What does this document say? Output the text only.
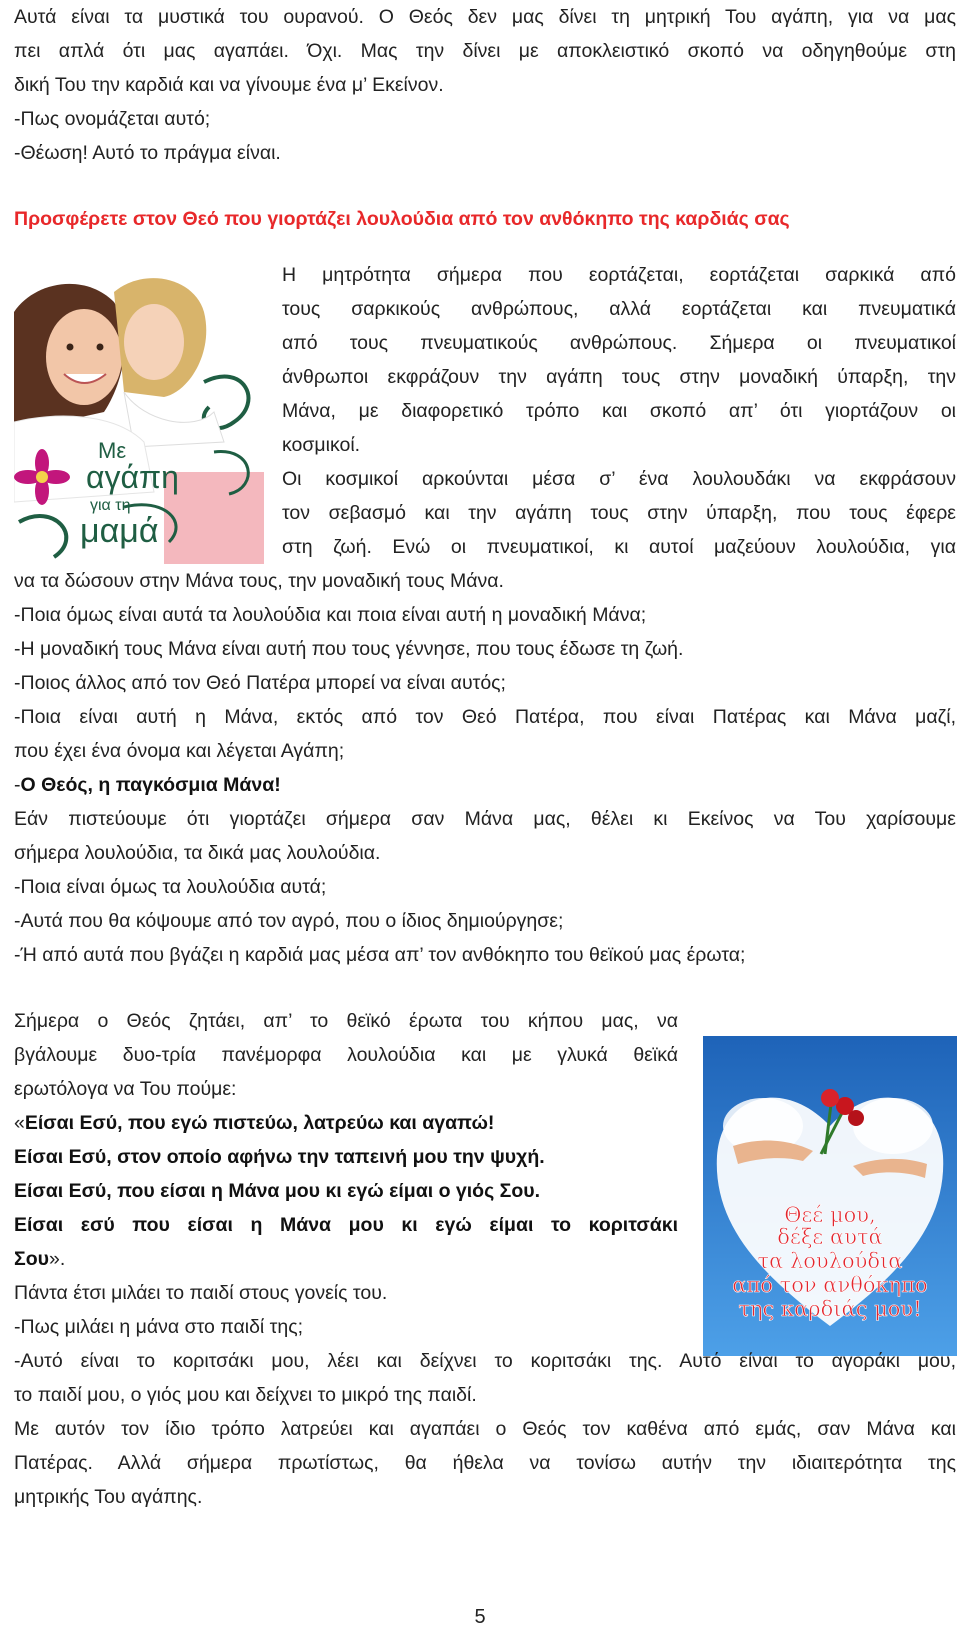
Αυτά είναι τα μυστικά του ουρανού. Ο Θεός δεν μας δίνει τη μητρική Του αγάπη, για να μας
πει απλά ότι μας αγαπάει. Όχι. Μας την δίνει με αποκλειστικό σκοπό να οδηγηθούμε στη
δική Του την καρδιά και να γίνουμε ένα μ’ Εκείνον.
-Πως ονομάζεται αυτό;
-Θέωση! Αυτό το πράγμα είναι.
Προσφέρετε στον Θεό που γιορτάζει λουλούδια από τον ανθόκηπο της καρδιάς σας
Με
αγάπη
για τη
μαμά
Η μητρότητα σήμερα που εορτάζεται, εορτάζεται σαρκικά από
τους σαρκικούς ανθρώπους, αλλά εορτάζεται και πνευματικά
από τους πνευματικούς ανθρώπους. Σήμερα οι πνευματικοί
άνθρωποι εκφράζουν την αγάπη τους στην μοναδική ύπαρξη, την
Μάνα, με διαφορετικό τρόπο και σκοπό απ’ ότι γιορτάζουν οι
κοσμικοί.
Οι κοσμικοί αρκούνται μέσα σ’ ένα λουλουδάκι να εκφράσουν
τον σεβασμό και την αγάπη τους στην ύπαρξη, που τους έφερε
στη ζωή. Ενώ οι πνευματικοί, κι αυτοί μαζεύουν λουλούδια, για
να τα δώσουν στην Μάνα τους, την μοναδική τους Μάνα.
-Ποια όμως είναι αυτά τα λουλούδια και ποια είναι αυτή η μοναδική Μάνα;
-Η μοναδική τους Μάνα είναι αυτή που τους γέννησε, που τους έδωσε τη ζωή.
-Ποιος άλλος από τον Θεό Πατέρα μπορεί να είναι αυτός;
-Ποια είναι αυτή η Μάνα, εκτός από τον Θεό Πατέρα, που είναι Πατέρας και Μάνα μαζί,
που έχει ένα όνομα και λέγεται Αγάπη;
-Ο Θεός, η παγκόσμια Μάνα!
Εάν πιστεύουμε ότι γιορτάζει σήμερα σαν Μάνα μας, θέλει κι Εκείνος να Του χαρίσουμε
σήμερα λουλούδια, τα δικά μας λουλούδια.
-Ποια είναι όμως τα λουλούδια αυτά;
-Αυτά που θα κόψουμε από τον αγρό, που ο ίδιος δημιούργησε;
-Ή από αυτά που βγάζει η καρδιά μας μέσα απ’ τον ανθόκηπο του θεϊκού μας έρωτα;
Σήμερα ο Θεός ζητάει, απ’ το θεϊκό έρωτα του κήπου μας, να
βγάλουμε δυο-τρία πανέμορφα λουλούδια και με γλυκά θεϊκά
ερωτόλογα να Του πούμε:
«Είσαι Εσύ, που εγώ πιστεύω, λατρεύω και αγαπώ!
Είσαι Εσύ, στον οποίο αφήνω την ταπεινή μου την ψυχή.
Είσαι Εσύ, που είσαι η Μάνα μου κι εγώ είμαι ο γιός Σου.
Είσαι εσύ που είσαι η Μάνα μου κι εγώ είμαι το κοριτσάκι
Σου».
Πάντα έτσι μιλάει το παιδί στους γονείς του.
Θεέ μου,
δέξε αυτά
τα λουλούδια
από τον ανθόκηπο
της καρδιάς μου!
-Πως μιλάει η μάνα στο παιδί της;
-Αυτό είναι το κοριτσάκι μου, λέει και δείχνει το κοριτσάκι της. Αυτό είναι το αγοράκι μου,
το παιδί μου, ο γιός μου και δείχνει το μικρό της παιδί.
Με αυτόν τον ίδιο τρόπο λατρεύει και αγαπάει ο Θεός τον καθένα από εμάς, σαν Μάνα και
Πατέρας. Αλλά σήμερα πρωτίστως, θα ήθελα να τονίσω αυτήν την ιδιαιτερότητα της
μητρικής Του αγάπης.
5
